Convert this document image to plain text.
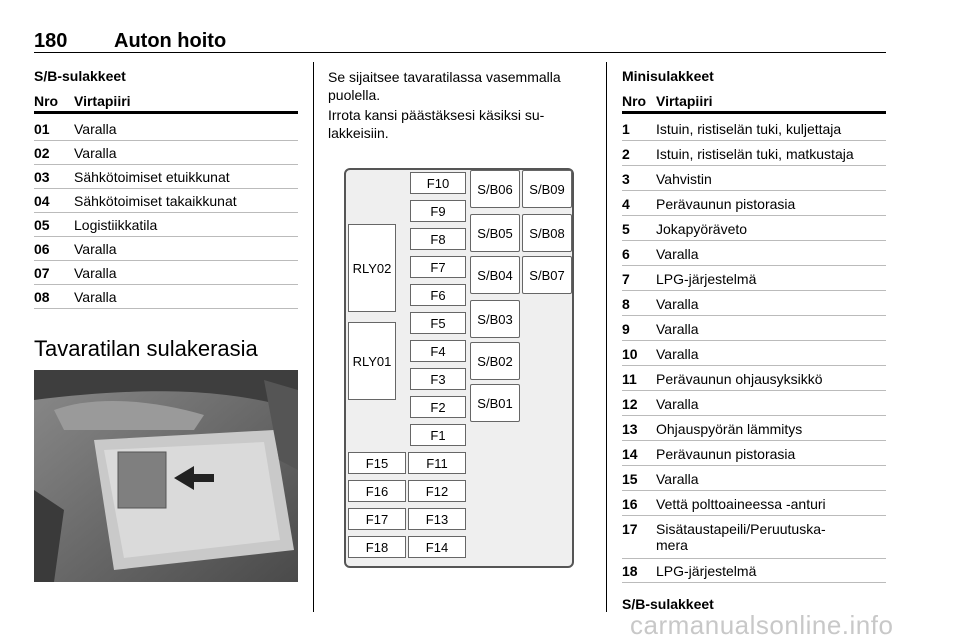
180 Auton hoito
S/B-sulakkeet
Nro Virtapiiri
01 Varalla
02 Varalla
03 Sähkötoimiset etuikkunat
04 Sähkötoimiset takaikkunat
05 Logistiikkatila
06 Varalla
07 Varalla
08 Varalla
Tavaratilan sulakerasia
Se sijaitsee tavaratilassa vasemmalla puolella.
Irrota kansi päästäksesi käsiksi su-lakkeisiin.
F10
F9
F8
F7
F6
F5
F4
F3
F2
F1
F15	F11
F16	F12
F17	F13
F18	F14
RLY02
RLY01
S/B06	S/B09
S/B05	S/B08
S/B04	S/B07
S/B03
S/B02
S/B01
Minisulakkeet
Nro Virtapiiri
1 Istuin, ristiselän tuki, kuljettaja
2 Istuin, ristiselän tuki, matkustaja
3 Vahvistin
4 Perävaunun pistorasia
5 Jokapyöräveto
6 Varalla
7 LPG-järjestelmä
8 Varalla
9 Varalla
10 Varalla
11 Perävaunun ohjausyksikkö
12 Varalla
13 Ohjauspyörän lämmitys
14 Perävaunun pistorasia
15 Varalla
16 Vettä polttoaineessa -anturi
17 Sisätaustapeili/Peruutuska-mera
18 LPG-järjestelmä
S/B-sulakkeet
carmanualsonline.info
